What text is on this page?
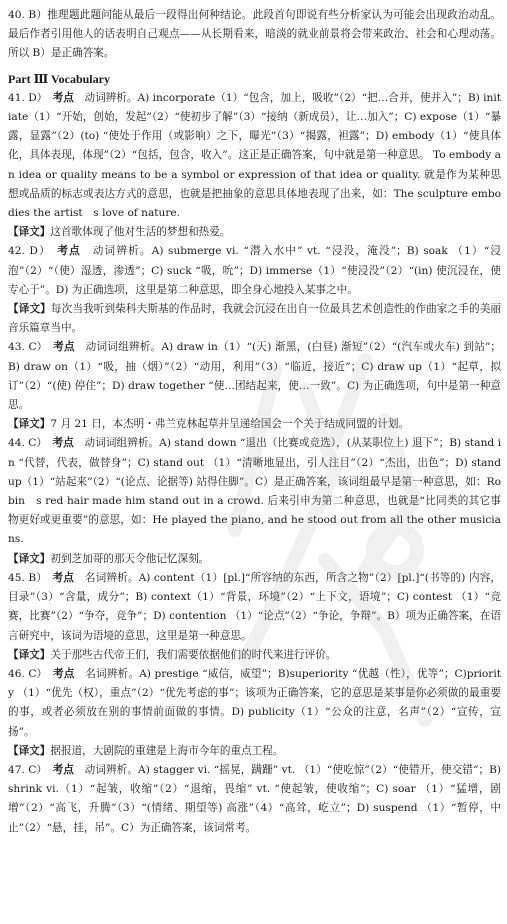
40. B）推理题此题问能从最后一段得出何种结论。此段首句即说有些分析家认为可能会出现政治动乱。最后作者引用他人的话表明自己观点——从长期看来，暗淡的就业前景将会带来政治、社会和心理动荡。所以 B）是正确答案。

Part Ⅲ Vocabulary

41. D）　 考点　 动词辨析。A) incorporate（1）“包含，加上，吸收”（2）“把…合并，使并入”；B) initiate（1）“开始，创始，发起”（2）“使初步了解”（3）“接纳（新成员），让…加入”；C) expose（1）“暴露，显露”（2）(to) “使处于作用（或影响）之下，曝光”（3）“揭露，袒露”；D) embody（1）“使具体化，具体表现，体现”（2）“包括，包含，收入”。这正是正确答案，句中就是第一种意思。 To embody an idea or quality means to be a symbol or expression of that idea or quality. 就是作为某种思想或品质的标志或表达方式的意思，也就是把抽象的意思具体地表现了出来，如：The sculpture embodies the artist　s love of nature.

【译文】这首歌体现了他对生活的梦想和热爱。

42. D）　 考点　 动词辨析。A) submerge vi. “潜入水中” vt. “浸没，淹没”；B) soak （1）“浸泡”（2）“（使）湿透，渗透”；C) suck “吸，吮”；D) immerse（1）“使浸没”（2）“(in) 使沉浸在，使专心于”。D) 为正确选项，这里是第二种意思，即全身心地投入某事之中。

【译文】每次当我听到柴科夫斯基的作品时，我就会沉浸在出自一位最具艺术创造性的作曲家之手的美丽音乐篇章当中。

43. C）　 考点　 动词词组辨析。A) draw in（1）“(天) 渐黑，(白昼) 渐短”（2）“(汽车或火车) 到站”；B) draw on（1）“吸，抽（烟）”（2）“动用，利用”（3）“临近，接近”；C) draw up（1）“起草，拟订”（2）“(使) 停住”；D) draw together “使…团结起来，使…一致”。C) 为正确选项，句中是第一种意思。

【译文】7 月 21 日，本杰明・弗兰克林起草并呈递给国会一个关于结成同盟的计划。

44. C）　 考点　 动词词组辨析。A) stand down “退出（比赛或竞选），(从某职位上) 退下”；B) stand in “代替，代表，做替身”；C) stand out （1）“清晰地显出，引人注目”（2）“杰出，出色”；D) stand up（1）“站起来”（2）“(论点、论据等) 站得住脚”。C）是正确答案，该词组最早是第一种意思，如：Robin　s red hair made him stand out in a crowd. 后来引申为第二种意思，也就是“比同类的其它事物更好或更重要”的意思，如：He played the piano, and he stood out from all the other musicians.

【译文】初到芝加哥的那天令他记忆深刻。

45. B）　 考点　 名词辨析。A) content（1）[pl.]“所容纳的东西，所含之物”（2）[pl.]“(书等的) 内容，目录”（3）“含量，成分”；B) context（1）“背景，环境”（2）“上下文，语境”；C) contest （1）“竞赛，比赛”（2）“争夺，竞争”；D) contention （1）“论点”（2）“争论，争辩”。B）项为正确答案，在语言研究中，该词为语境的意思，这里是第一种意思。

【译文】关于那些古代帝王们，我们需要依据他们的时代来进行评价。

46. C）　 考点　 名词辨析。A) prestige “威信，威望”；B)superiority “优越（性），优等”；C)priority （1）“优先（权），重点”（2）“优先考虑的事”；该项为正确答案，它的意思是某事是你必须做的最重要的事，或者必须放在别的事情前面做的事情。D) publicity（1）“公众的注意，名声”（2）“宣传，宣扬”。

【译文】据报道，大剧院的重建是上海市今年的重点工程。

47. C）　 考点　 动词辨析。A) stagger vi. “摇晃，蹒跚” vt. （1）“使吃惊”（2）“使错开，使交错”；B) shrink vi.（1）“起皱，收缩”（2）“退缩，畏缩” vt. “使起皱，使收缩”；C) soar （1）“猛增，剧增”（2）“高飞，升腾”（3）“(情绪、期望等) 高涨”（4）“高耸，屹立”；D) suspend （1）“暂停，中止”（2）“悬，挂，吊”。C）为正确答案，该词常考。
